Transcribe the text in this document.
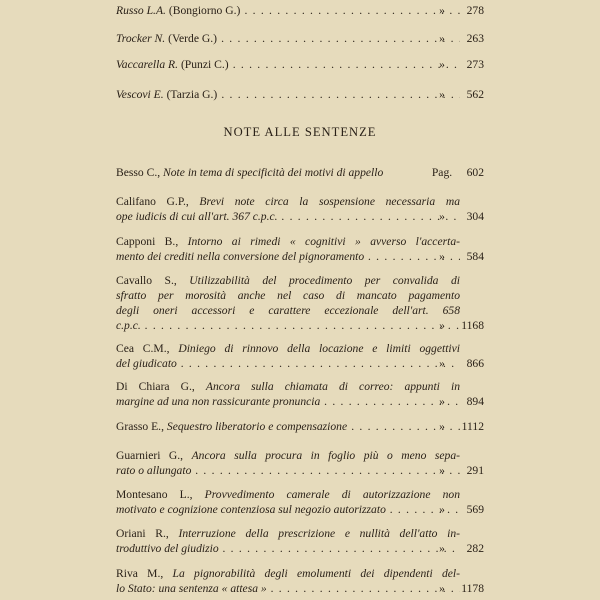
Russo L.A. (Bongiorno G.) . . .	»	278
Trocker N. (Verde G.) . . .	»	263
Vaccarella R. (Punzi C.) . . .	»	273
Vescovi E. (Tarzia G.) . . .	»	562
NOTE ALLE SENTENZE
Besso C., Note in tema di specificità dei motivi di appello	Pag.	602
Califano G.P., Brevi note circa la sospensione necessaria ma
ope iudicis di cui all'art. 367 c.p.c. . . .	»	304
Capponi B., Intorno ai rimedi « cognitivi » avverso l'accerta-
mento dei crediti nella conversione del pignoramento . . .	»	584
Cavallo S., Utilizzabilità del procedimento per convalida di
sfratto per morosità anche nel caso di mancato pagamento
degli oneri accessori e carattere eccezionale dell'art. 658
c.p.c. . . .	»	1168
Cea C.M., Diniego di rinnovo della locazione e limiti oggettivi
del giudicato . . .	»	866
Di Chiara G., Ancora sulla chiamata di correo: appunti in
margine ad una non rassicurante pronuncia . . .	»	894
Grasso E., Sequestro liberatorio e compensazione . . .	»	1112
Guarnieri G., Ancora sulla procura in foglio più o meno sepa-
rato o allungato . . .	»	291
Montesano L., Provvedimento camerale di autorizzazione non
motivato e cognizione contenziosa sul negozio autorizzato . . .	»	569
Oriani R., Interruzione della prescrizione e nullità dell'atto in-
troduttivo del giudizio . . .	»	282
Riva M., La pignorabilità degli emolumenti dei dipendenti del-
lo Stato: una sentenza « attesa » . . .	»	1178
